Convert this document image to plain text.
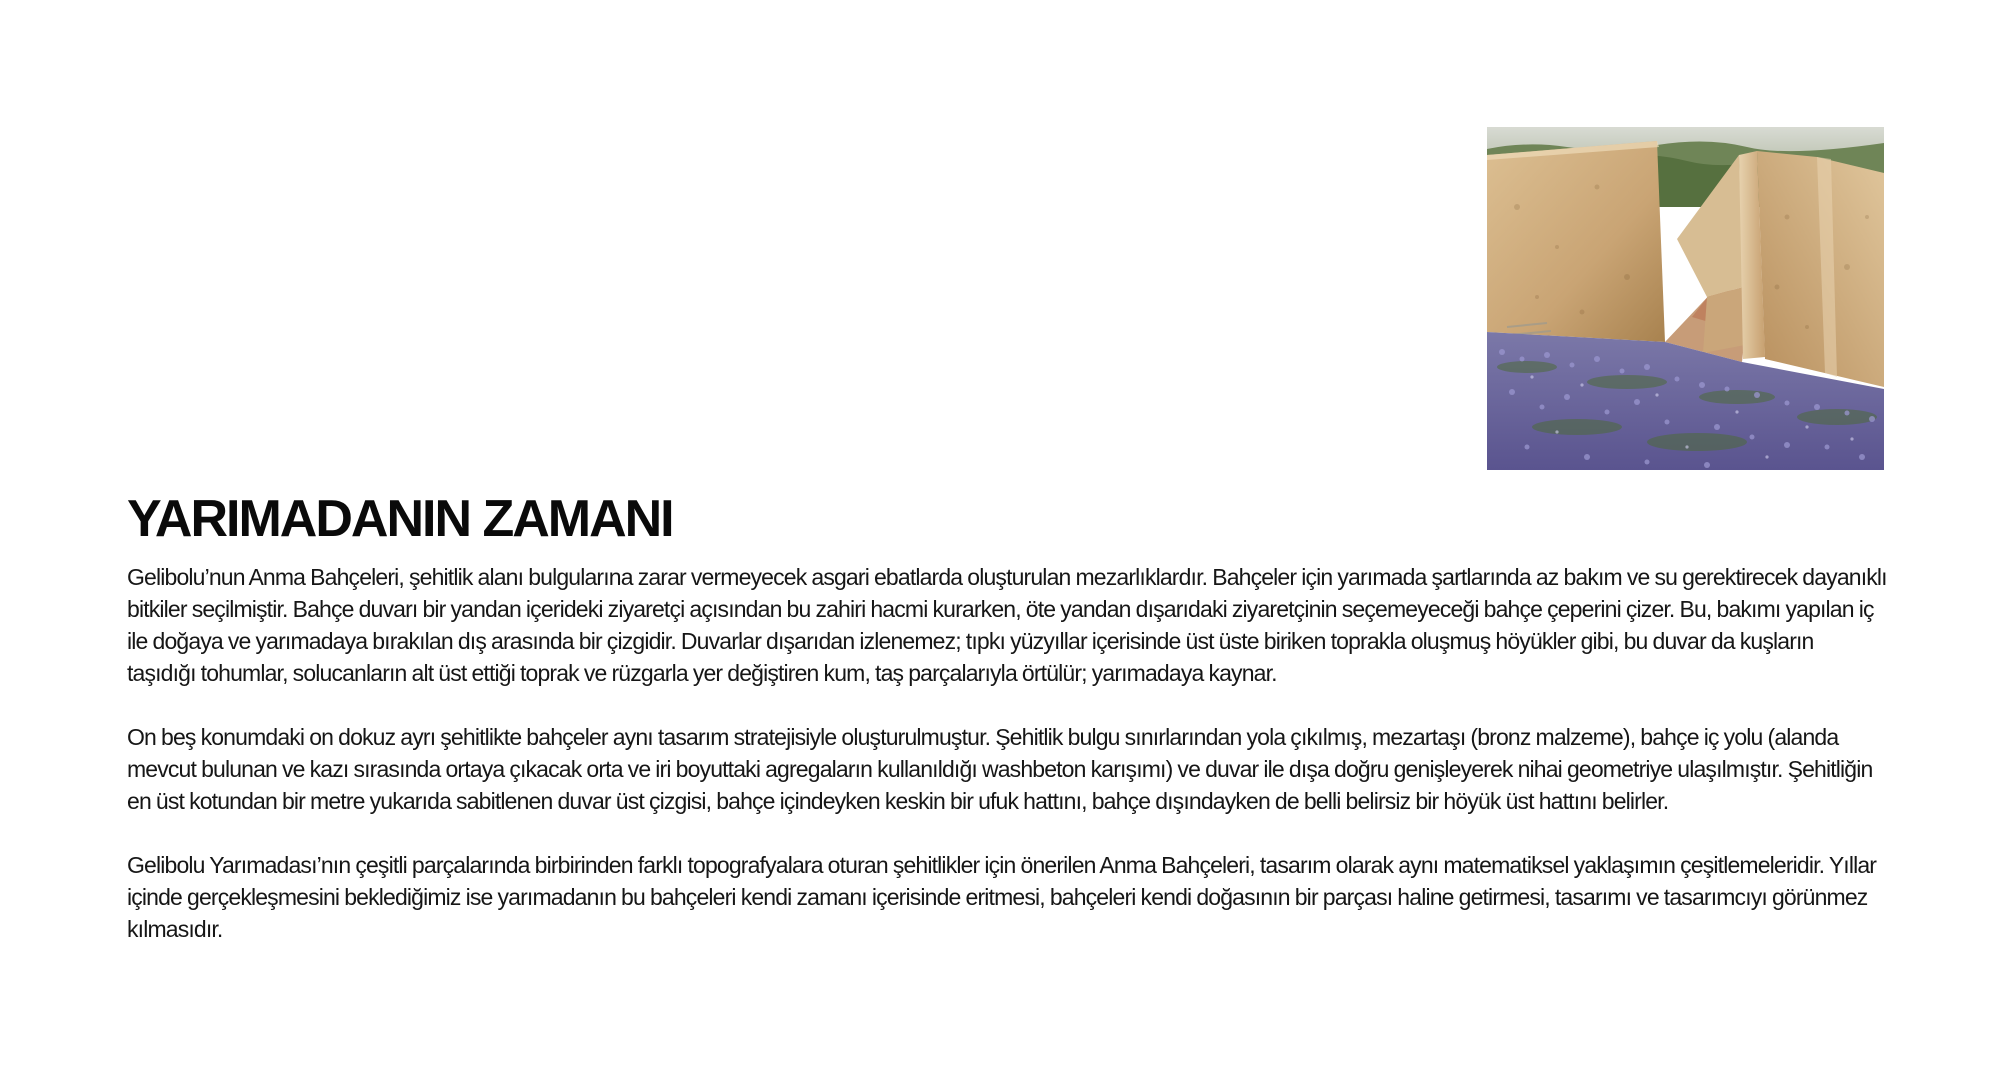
YARIMADANIN ZAMANI

Gelibolu’nun Anma Bahçeleri, şehitlik alanı bulgularına zarar vermeyecek asgari ebatlarda oluşturulan mezarlıklardır. Bahçeler için yarımada şartlarında az bakım ve su gerektirecek dayanıklı bitkiler seçilmiştir. Bahçe duvarı bir yandan içerideki ziyaretçi açısından bu zahiri hacmi kurarken, öte yandan dışarıdaki ziyaretçinin seçemeyeceği bahçe çeperini çizer. Bu, bakımı yapılan iç ile doğaya ve yarımadaya bırakılan dış arasında bir çizgidir. Duvarlar dışarıdan izlenemez; tıpkı yüzyıllar içerisinde üst üste biriken toprakla oluşmuş höyükler gibi, bu duvar da kuşların taşıdığı tohumlar, solucanların alt üst ettiği toprak ve rüzgarla yer değiştiren kum, taş parçalarıyla örtülür; yarımadaya kaynar.

On beş konumdaki on dokuz ayrı şehitlikte bahçeler aynı tasarım stratejisiyle oluşturulmuştur. Şehitlik bulgu sınırlarından yola çıkılmış, mezartaşı (bronz malzeme), bahçe iç yolu (alanda mevcut bulunan ve kazı sırasında ortaya çıkacak orta ve iri boyuttaki agregaların kullanıldığı washbeton karışımı) ve duvar ile dışa doğru genişleyerek nihai geometriye ulaşılmıştır. Şehitliğin en üst kotundan bir metre yukarıda sabitlenen duvar üst çizgisi, bahçe içindeyken keskin bir ufuk hattını, bahçe dışındayken de belli belirsiz bir höyük üst hattını belirler.

Gelibolu Yarımadası’nın çeşitli parçalarında birbirinden farklı topografyalara oturan şehitlikler için önerilen Anma Bahçeleri, tasarım olarak aynı matematiksel yaklaşımın çeşitlemeleridir. Yıllar içinde gerçekleşmesini beklediğimiz ise yarımadanın bu bahçeleri kendi zamanı içerisinde eritmesi, bahçeleri kendi doğasının bir parçası haline getirmesi, tasarımı ve tasarımcıyı görünmez kılmasıdır.
